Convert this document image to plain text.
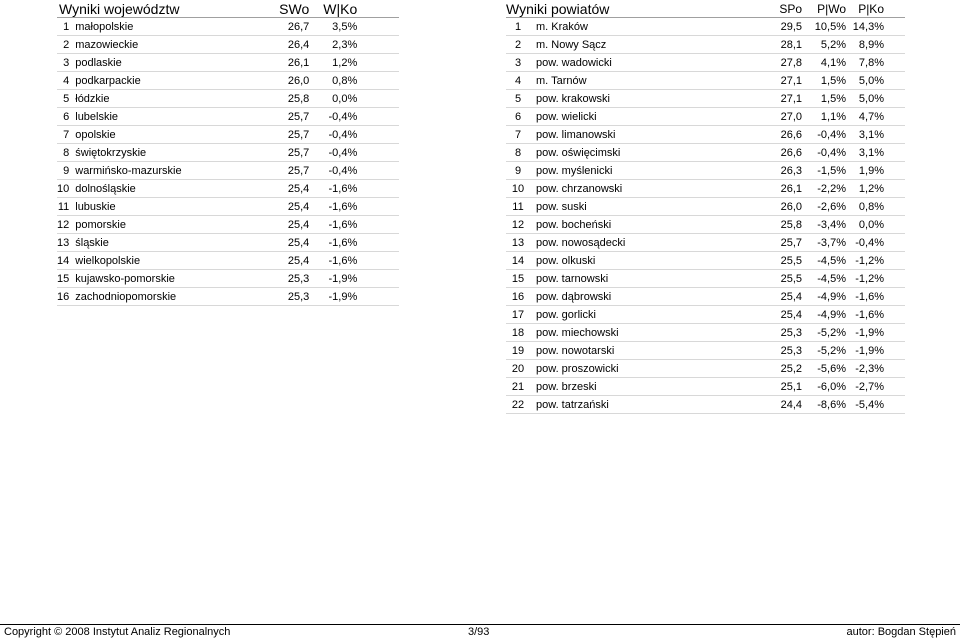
Wyniki województw		SWo	W|Ko	
1	małopolskie	26,7	3,5%	
2	mazowieckie	26,4	2,3%	
3	podlaskie	26,1	1,2%	
4	podkarpackie	26,0	0,8%	
5	łódzkie	25,8	0,0%	
6	lubelskie	25,7	-0,4%	
7	opolskie	25,7	-0,4%	
8	świętokrzyskie	25,7	-0,4%	
9	warmińsko-mazurskie	25,7	-0,4%	
10	dolnośląskie	25,4	-1,6%	
11	lubuskie	25,4	-1,6%	
12	pomorskie	25,4	-1,6%	
13	śląskie	25,4	-1,6%	
14	wielkopolskie	25,4	-1,6%	
15	kujawsko-pomorskie	25,3	-1,9%	
16	zachodniopomorskie	25,3	-1,9%	
Wyniki powiatów		SPo	P|Wo	P|Ko	
1	m. Kraków	29,5	10,5%	14,3%	
2	m. Nowy Sącz	28,1	5,2%	8,9%	
3	pow. wadowicki	27,8	4,1%	7,8%	
4	m. Tarnów	27,1	1,5%	5,0%	
5	pow. krakowski	27,1	1,5%	5,0%	
6	pow. wielicki	27,0	1,1%	4,7%	
7	pow. limanowski	26,6	-0,4%	3,1%	
8	pow. oświęcimski	26,6	-0,4%	3,1%	
9	pow. myślenicki	26,3	-1,5%	1,9%	
10	pow. chrzanowski	26,1	-2,2%	1,2%	
11	pow. suski	26,0	-2,6%	0,8%	
12	pow. bocheński	25,8	-3,4%	0,0%	
13	pow. nowosądecki	25,7	-3,7%	-0,4%	
14	pow. olkuski	25,5	-4,5%	-1,2%	
15	pow. tarnowski	25,5	-4,5%	-1,2%	
16	pow. dąbrowski	25,4	-4,9%	-1,6%	
17	pow. gorlicki	25,4	-4,9%	-1,6%	
18	pow. miechowski	25,3	-5,2%	-1,9%	
19	pow. nowotarski	25,3	-5,2%	-1,9%	
20	pow. proszowicki	25,2	-5,6%	-2,3%	
21	pow. brzeski	25,1	-6,0%	-2,7%	
22	pow. tatrzański	24,4	-8,6%	-5,4%	
Copyright © 2008 Instytut Analiz Regionalnych	3/93	autor: Bogdan Stępień
